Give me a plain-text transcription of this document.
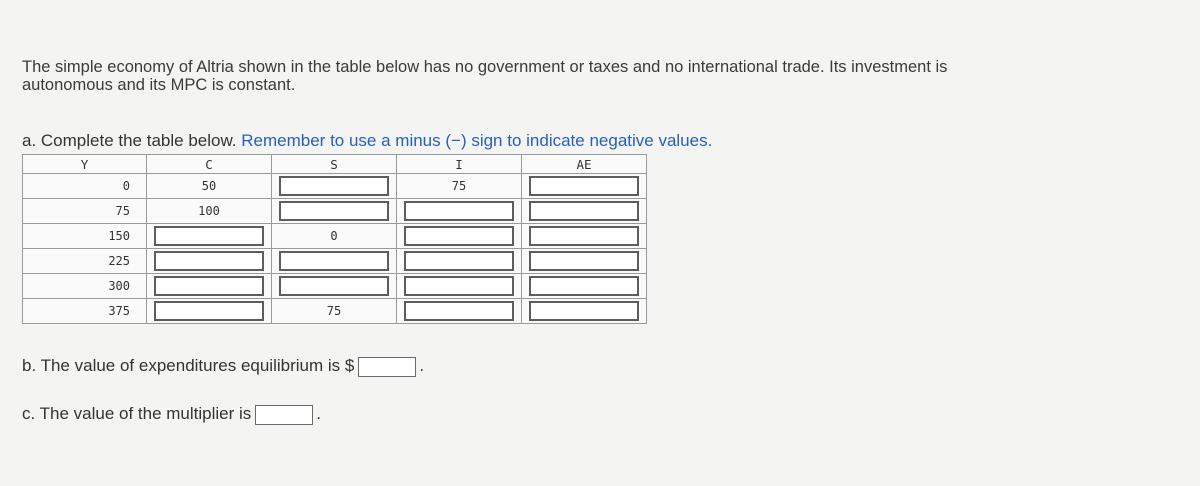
The simple economy of Altria shown in the table below has no government or taxes and no international trade. Its investment is

autonomous and its MPC is constant.

a. Complete the table below. Remember to use a minus (−) sign to indicate negative values.
Y	C	S	I	AE
0	50		75	

75	100	

150		0	

225	

300	

375		75	

b. The value of expenditures equilibrium is $	.
c. The value of the multiplier is	.
